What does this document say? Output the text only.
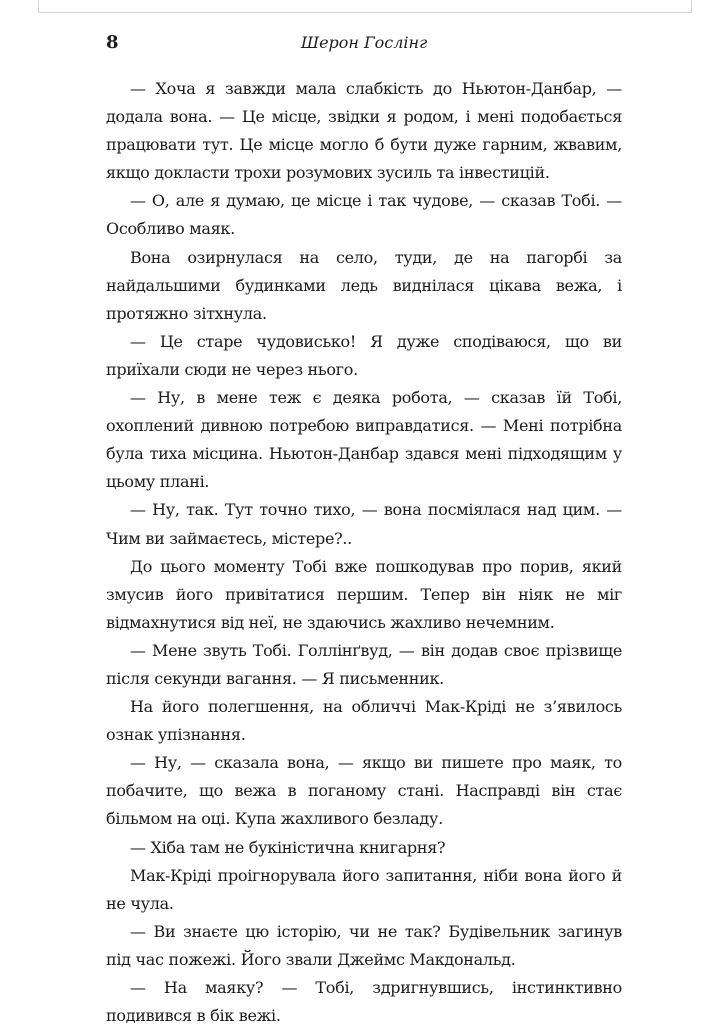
8	Шерон Гослінг

— Хоча я завжди мала слабкість до Ньютон-Данбар, — додала вона. — Це місце, звідки я родом, і мені подобається працювати тут. Це місце могло б бути дуже гарним, жвавим, якщо докласти трохи розумових зусиль та інвестицій.

— О, але я думаю, це місце і так чудове, — сказав Тобі. — Особливо маяк.

Вона озирнулася на село, туди, де на пагорбі за найдальшими будинками ледь виднілася цікава вежа, і протяжно зітхнула.

— Це старе чудовисько! Я дуже сподіваюся, що ви приїхали сюди не через нього.

— Ну, в мене теж є деяка робота, — сказав їй Тобі, охоплений дивною потребою виправдатися. — Мені потрібна була тиха місцина. Ньютон-Данбар здався мені підходящим у цьому плані.

— Ну, так. Тут точно тихо, — вона посміялася над цим. — Чим ви займаєтесь, містере?..

До цього моменту Тобі вже пошкодував про порив, який змусив його привітатися першим. Тепер він ніяк не міг відмахнутися від неї, не здаючись жахливо нечемним.

— Мене звуть Тобі. Голлінґвуд, — він додав своє прізвище після секунди вагання. — Я письменник.

На його полегшення, на обличчі Мак-Кріді не з’явилось ознак упізнання.

— Ну, — сказала вона, — якщо ви пишете про маяк, то побачите, що вежа в поганому стані. Насправді він стає більмом на оці. Купа жахливого безладу.

— Хіба там не букіністична книгарня?

Мак-Кріді проігнорувала його запитання, ніби вона його й не чула.

— Ви знаєте цю історію, чи не так? Будівельник загинув під час пожежі. Його звали Джеймс Макдональд.

— На маяку? — Тобі, здригнувшись, інстинктивно подивився в бік вежі.
